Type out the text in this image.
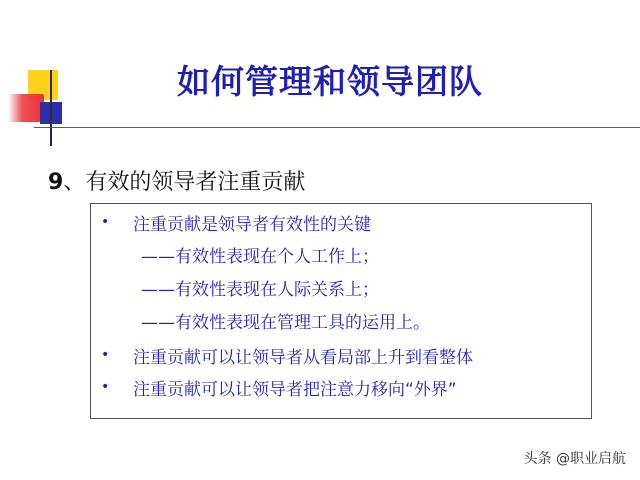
如何管理和领导团队
9、有效的领导者注重贡献
• 注重贡献是领导者有效性的关键
——有效性表现在个人工作上；
——有效性表现在人际关系上；
——有效性表现在管理工具的运用上。
• 注重贡献可以让领导者从看局部上升到看整体
• 注重贡献可以让领导者把注意力移向“外界”
头条 @职业启航
